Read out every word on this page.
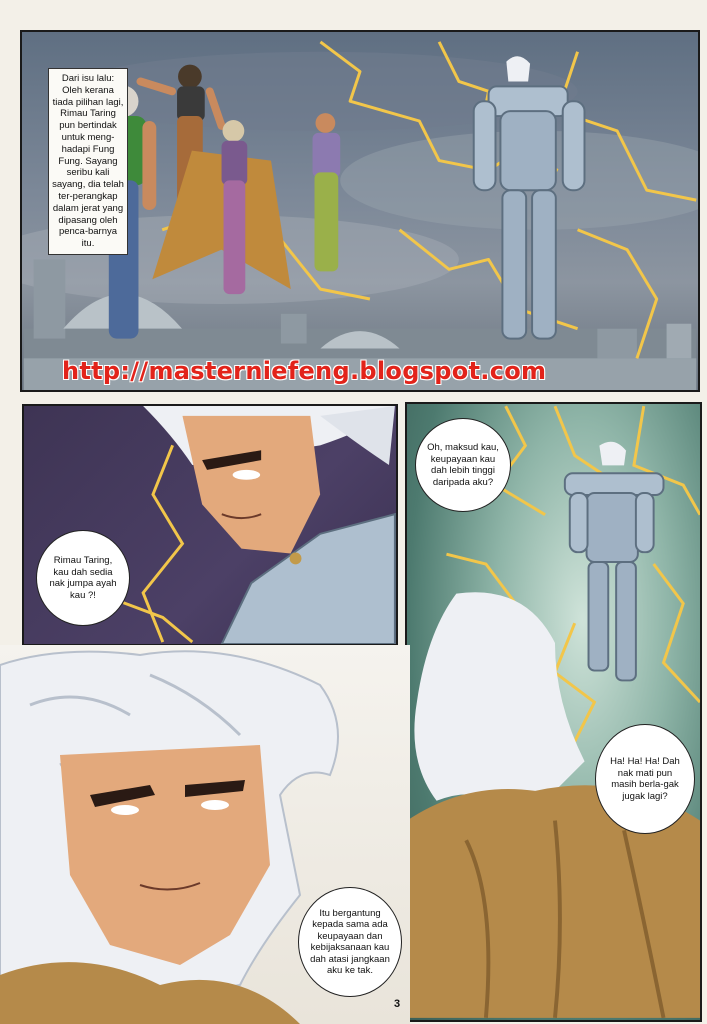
Dari isu lalu: Oleh kerana tiada pilihan lagi, Rimau Taring pun bertindak untuk meng-hadapi Fung Fung. Sayang seribu kali sayang, dia telah ter-perangkap dalam jerat yang dipasang oleh penca-barnya itu.
http://masterniefeng.blogspot.com
Rimau Taring, kau dah sedia nak jumpa ayah kau ?!
Oh, maksud kau, keupayaan kau dah lebih tinggi daripada aku?
Ha! Ha! Ha! Dah nak mati pun masih berla-gak jugak lagi?
Itu bergantung kepada sama ada keupayaan dan kebijaksanaan kau dah atasi jangkaan aku ke tak.
3
